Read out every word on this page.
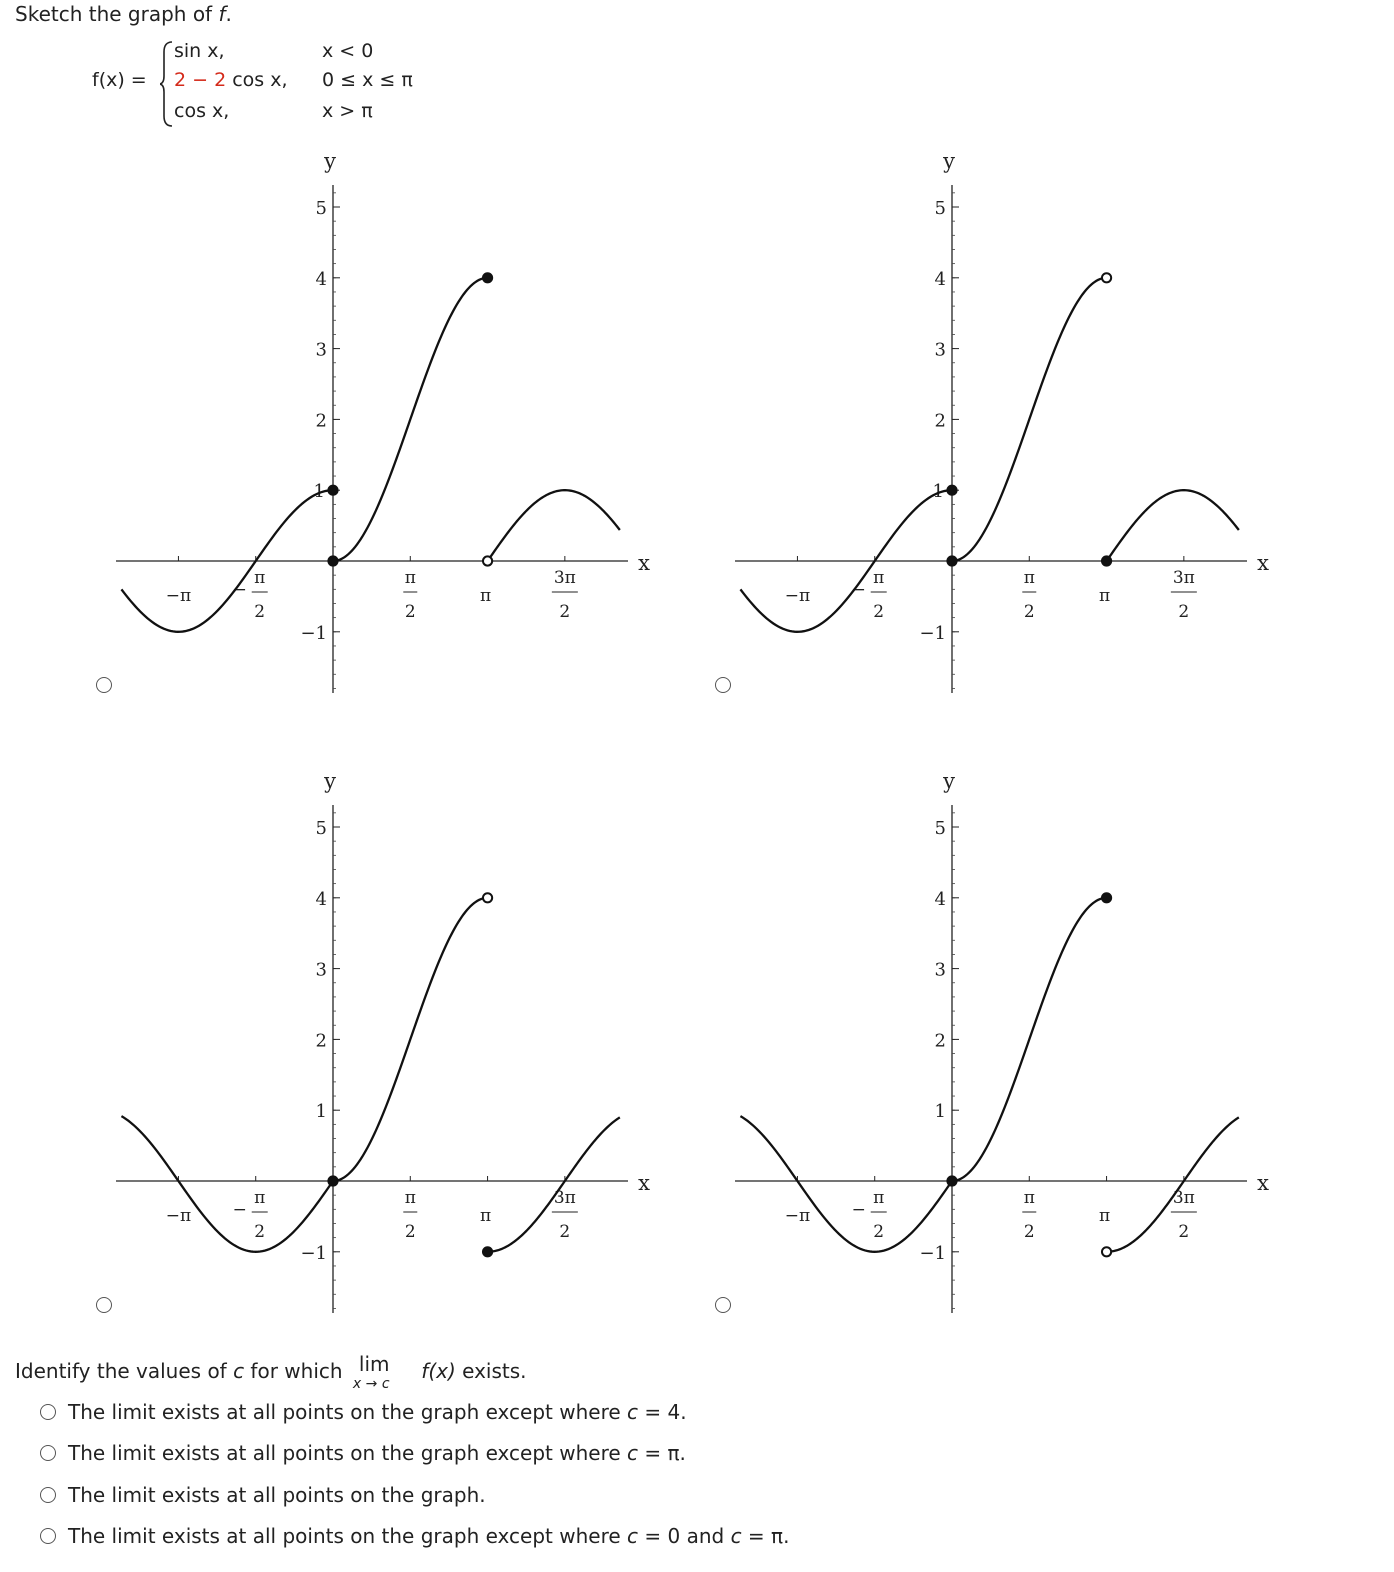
Sketch the graph of f.
f(x) =
sin x,	x < 0
2 − 2 cos x, 0 ≤ x ≤ π
cos x,	x > π
−1
1
2
3
4
5
−π −
π
2
π
2
π
3π
2
x
y
−1
1
2
3
4
5
−π −
π
2
π
2
π
3π
2
x
y
−1
1
2
3
4
5
−π −
π
2
π
2
π
3π
2
x
y
−1
1
2
3
4
5
−π −
π
2
π
2
π
3π
2
x
y
Identify the values of c for which lim
x → c
f(x) exists.
The limit exists at all points on the graph except where c = 4.
The limit exists at all points on the graph except where c = π.
The limit exists at all points on the graph.
The limit exists at all points on the graph except where c = 0 and c = π.
